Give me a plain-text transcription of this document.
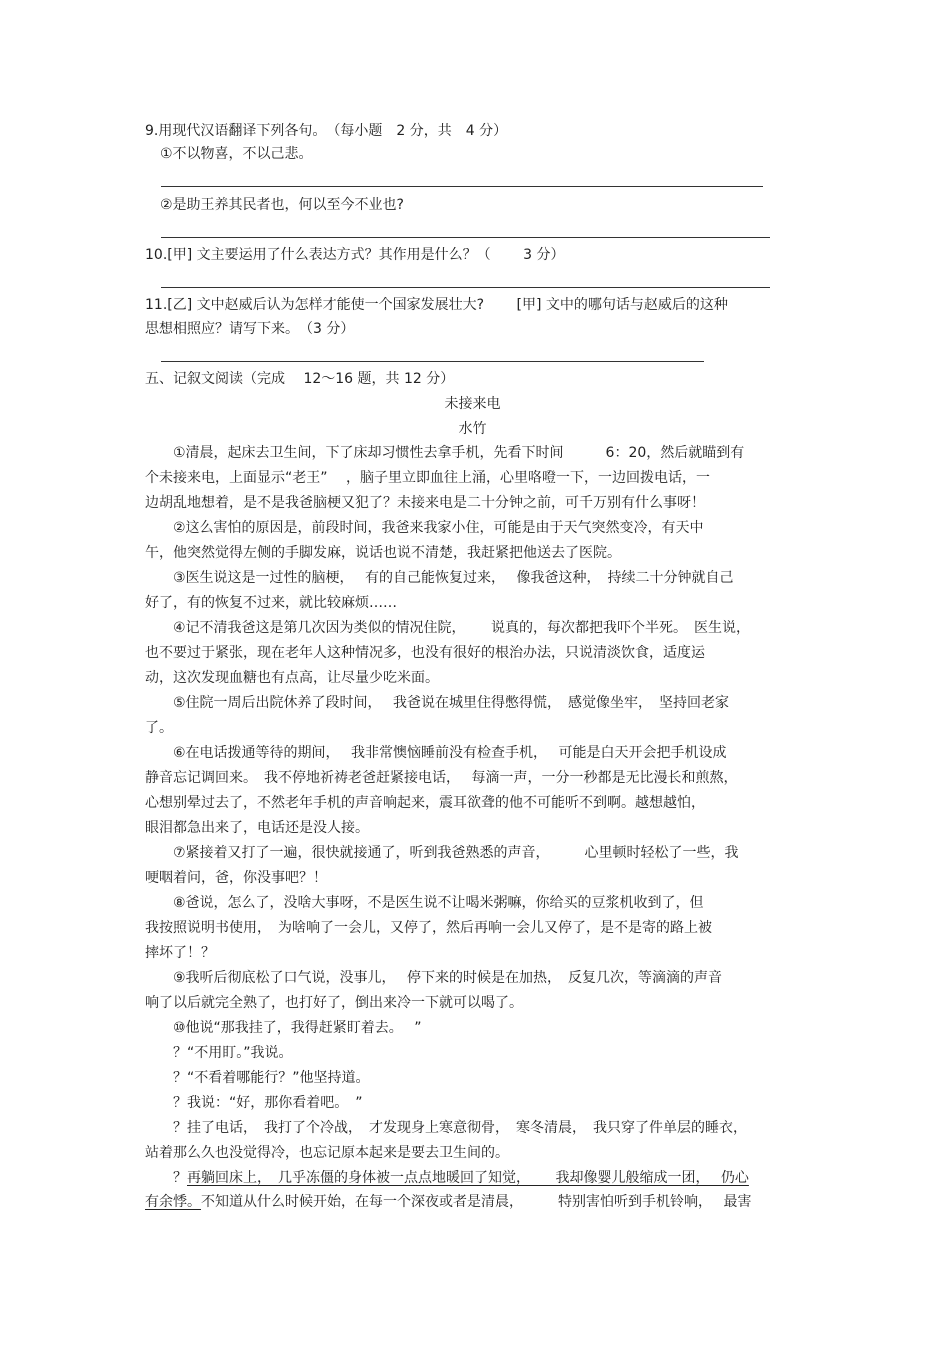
9.用现代汉语翻译下列各句。　（每小题　2 分，共　4 分）
①不以物喜，不以己悲。
②是助王养其民者也，何以至今不业也?
10.[甲] 文主要运用了什么表达方式？其作用是什么？（　　 3 分）
11.[乙] 文中赵威后认为怎样才能使一个国家发展壮大?　　 [甲] 文中的哪句话与赵威后的这种
思想相照应？请写下来。　（3 分）
五、记叙文阅读（完成　 12～16 题，共 12 分）
未接来电
水竹
　　①清晨，起床去卫生间，下了床却习惯性去拿手机，先看下时间　　　6：20，然后就瞄到有
个未接来电，上面显示“老王”　 ，脑子里立即血往上涌，心里咯噔一下，一边回拨电话，一
边胡乱地想着，是不是我爸脑梗又犯了？未接来电是二十分钟之前，可千万别有什么事呀！
　　②这么害怕的原因是，前段时间，我爸来我家小住，可能是由于天气突然变冷，有天中
午，他突然觉得左侧的手脚发麻，说话也说不清楚，我赶紧把他送去了医院。
　　③医生说这是一过性的脑梗，　 有的自己能恢复过来，　 像我爸这种，　持续二十分钟就自己
好了，有的恢复不过来，就比较麻烦……
　　④记不清我爸这是第几次因为类似的情况住院，　　 说真的，每次都把我吓个半死。　医生说，
也不要过于紧张，现在老年人这种情况多，也没有很好的根治办法，只说清淡饮食，适度运
动，这次发现血糖也有点高，让尽量少吃米面。
　　⑤住院一周后出院休养了段时间，　 我爸说在城里住得憋得慌，　感觉像坐牢，　坚持回老家
了。
　　⑥在电话拨通等待的期间，　 我非常懊恼睡前没有检查手机，　 可能是白天开会把手机设成
静音忘记调回来。　我不停地祈祷老爸赶紧接电话，　 每滴一声，一分一秒都是无比漫长和煎熬，
心想别晕过去了，不然老年手机的声音响起来，震耳欲聋的他不可能听不到啊。越想越怕，
眼泪都急出来了，电话还是没人接。
　　⑦紧接着又打了一遍，很快就接通了，听到我爸熟悉的声音，　　　心里顿时轻松了一些，我
哽咽着问，爸，你没事吧？！
　　⑧爸说，怎么了，没啥大事呀，不是医生说不让喝米粥嘛，你给买的豆浆机收到了，但
我按照说明书使用，　为啥响了一会儿，又停了，然后再响一会儿又停了，是不是寄的路上被
摔坏了！？
　　⑨我听后彻底松了口气说，没事儿，　 停下来的时候是在加热，　反复几次，等滴滴的声音
响了以后就完全熟了，也打好了，倒出来冷一下就可以喝了。
　　⑩他说“那我挂了，我得赶紧盯着去。　 ”
　　？“不用盯。”我说。
　　？“不看着哪能行？”他坚持道。
　　？我说：“好，那你看着吧。　”
　　？挂了电话，　我打了个冷战，　才发现身上寒意彻骨，　寒冬清晨，　我只穿了件单层的睡衣，
站着那么久也没觉得冷，也忘记原本起来是要去卫生间的。
　　？再躺回床上，　几乎冻僵的身体被一点点地暖回了知觉，　　 我却像婴儿般缩成一团，　 仍心
有余悸。不知道从什么时候开始，在每一个深夜或者是清晨，　　　特别害怕听到手机铃响，　 最害
